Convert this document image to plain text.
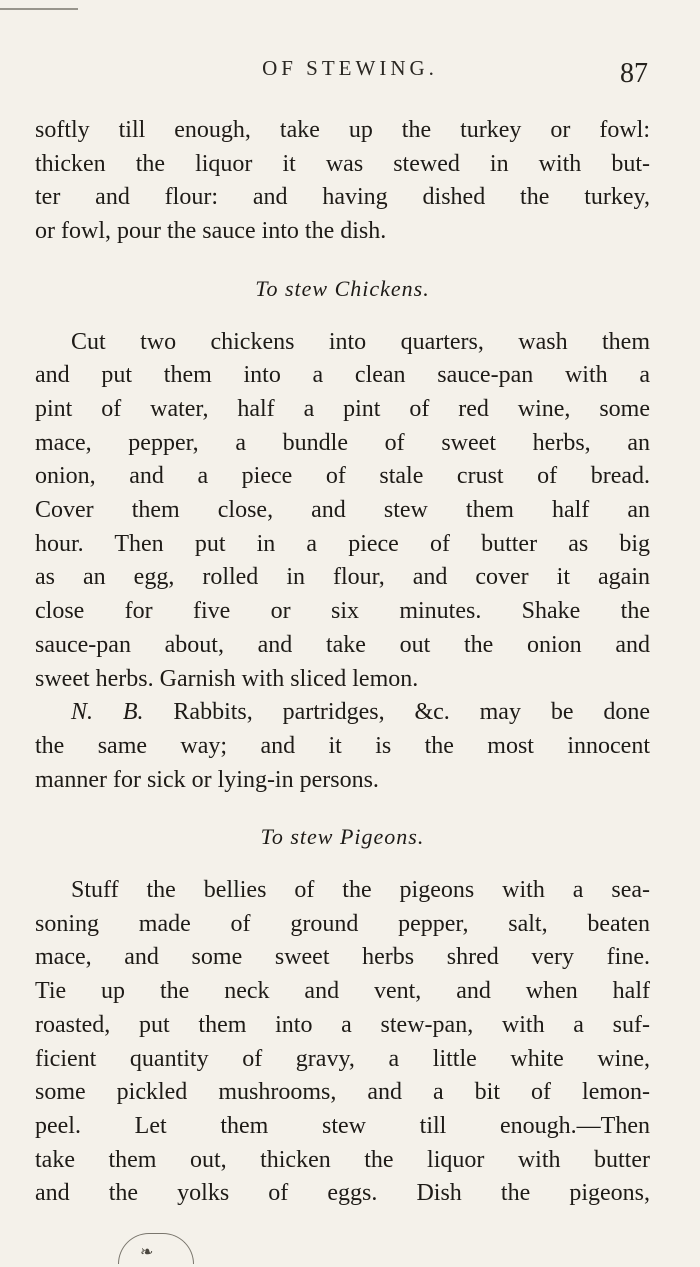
OF STEWING.	87

softly till enough, take up the turkey or fowl:
thicken the liquor it was stewed in with but-
ter and flour: and having dished the turkey,
or fowl, pour the sauce into the dish.

To stew Chickens.

Cut two chickens into quarters, wash them
and put them into a clean sauce-pan with a
pint of water, half a pint of red wine, some
mace, pepper, a bundle of sweet herbs, an
onion, and a piece of stale crust of bread.
Cover them close, and stew them half an
hour. Then put in a piece of butter as big
as an egg, rolled in flour, and cover it again
close for five or six minutes. Shake the
sauce-pan about, and take out the onion and
sweet herbs. Garnish with sliced lemon.

N. B. Rabbits, partridges, &c. may be done
the same way; and it is the most innocent
manner for sick or lying-in persons.

To stew Pigeons.

Stuff the bellies of the pigeons with a sea-
soning made of ground pepper, salt, beaten
mace, and some sweet herbs shred very fine.
Tie up the neck and vent, and when half
roasted, put them into a stew-pan, with a suf-
ficient quantity of gravy, a little white wine,
some pickled mushrooms, and a bit of lemon-
peel. Let them stew till enough.—Then
take them out, thicken the liquor with butter
and the yolks of eggs. Dish the pigeons,

❧
